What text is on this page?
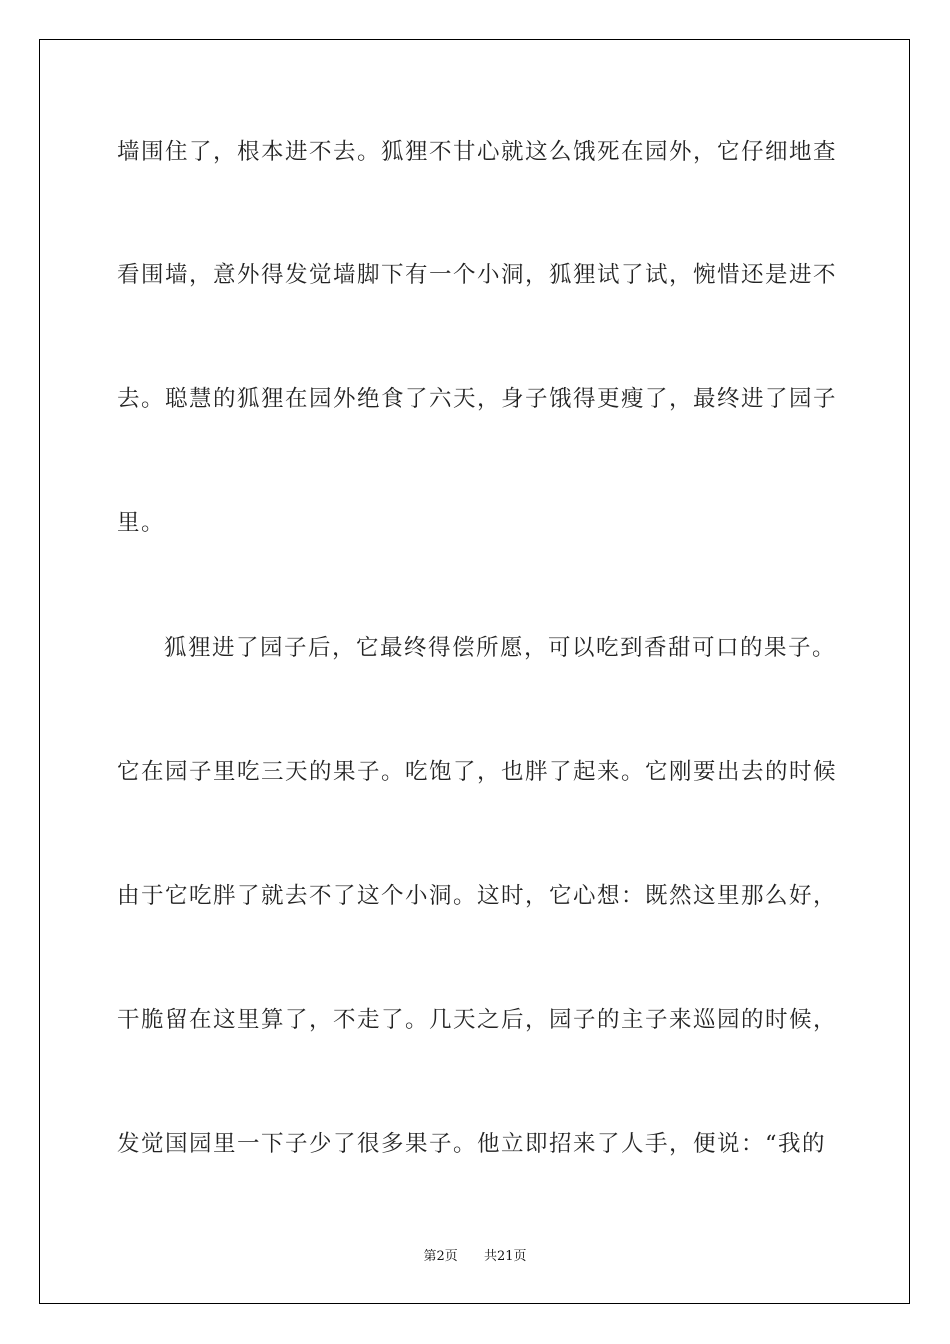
墙围住了，根本进不去。狐狸不甘心就这么饿死在园外，它仔细地查
看围墙，意外得发觉墙脚下有一个小洞，狐狸试了试，惋惜还是进不
去。聪慧的狐狸在园外绝食了六天，身子饿得更瘦了，最终进了园子
里。
狐狸进了园子后，它最终得偿所愿，可以吃到香甜可口的果子。
它在园子里吃三天的果子。吃饱了，也胖了起来。它刚要出去的时候
由于它吃胖了就去不了这个小洞。这时，它心想：既然这里那么好，
干脆留在这里算了，不走了。几天之后，园子的主子来巡园的时候，
发觉国园里一下子少了很多果子。他立即招来了人手，便说：“我的
第2页 共21页
